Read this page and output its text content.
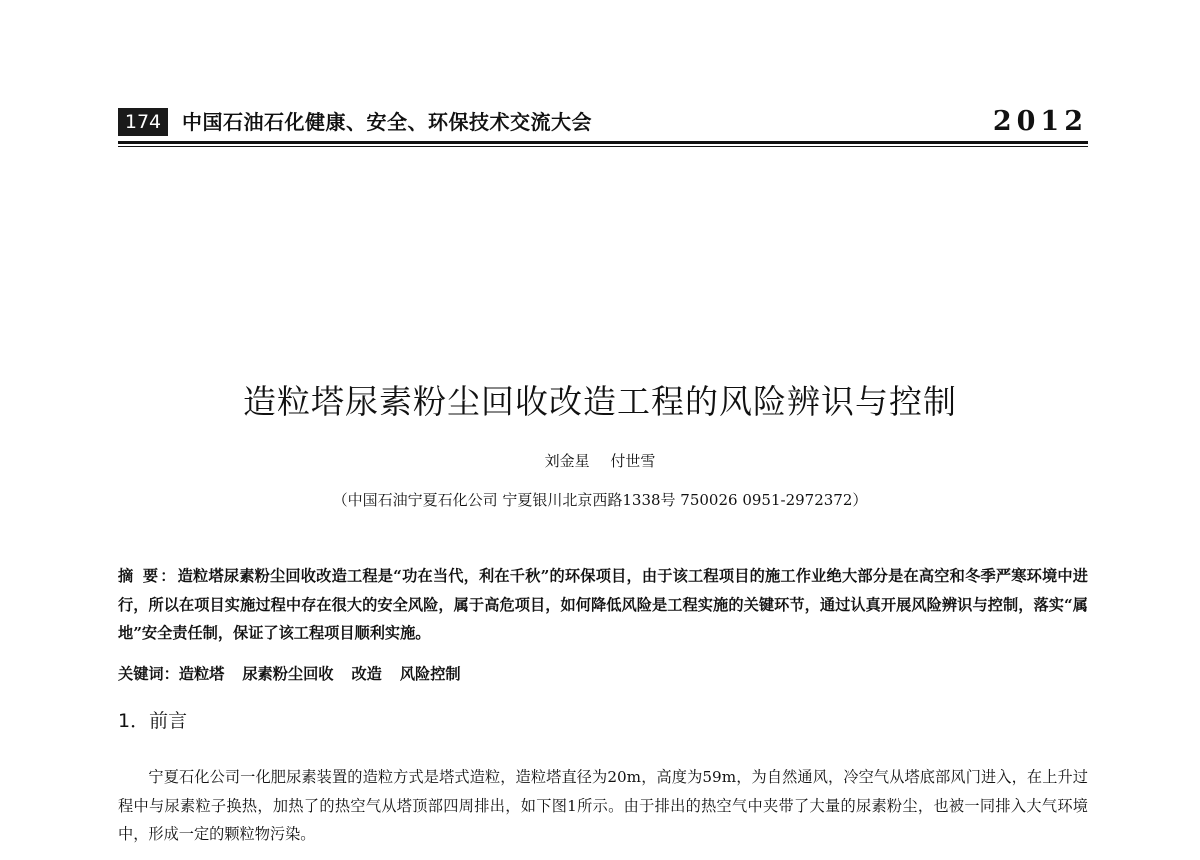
174	中国石油石化健康、安全、环保技术交流大会	2012
造粒塔尿素粉尘回收改造工程的风险辨识与控制
刘金星 付世雪
（中国石油宁夏石化公司 宁夏银川北京西路1338号 750026 0951-2972372）

摘 要：造粒塔尿素粉尘回收改造工程是“功在当代，利在千秋”的环保项目，由于该工程项目的施工作业绝大部分是在高空和冬季严寒环境中进行，所以在项目实施过程中存在很大的安全风险，属于高危项目，如何降低风险是工程实施的关键环节，通过认真开展风险辨识与控制，落实“属地”安全责任制，保证了该工程项目顺利实施。

关键词：造粒塔 尿素粉尘回收 改造 风险控制

1．前言

宁夏石化公司一化肥尿素装置的造粒方式是塔式造粒，造粒塔直径为20m，高度为59m，为自然通风，冷空气从塔底部风门进入，在上升过程中与尿素粒子换热，加热了的热空气从塔顶部四周排出，如下图1所示。由于排出的热空气中夹带了大量的尿素粉尘，也被一同排入大气环境中，形成一定的颗粒物污染。
